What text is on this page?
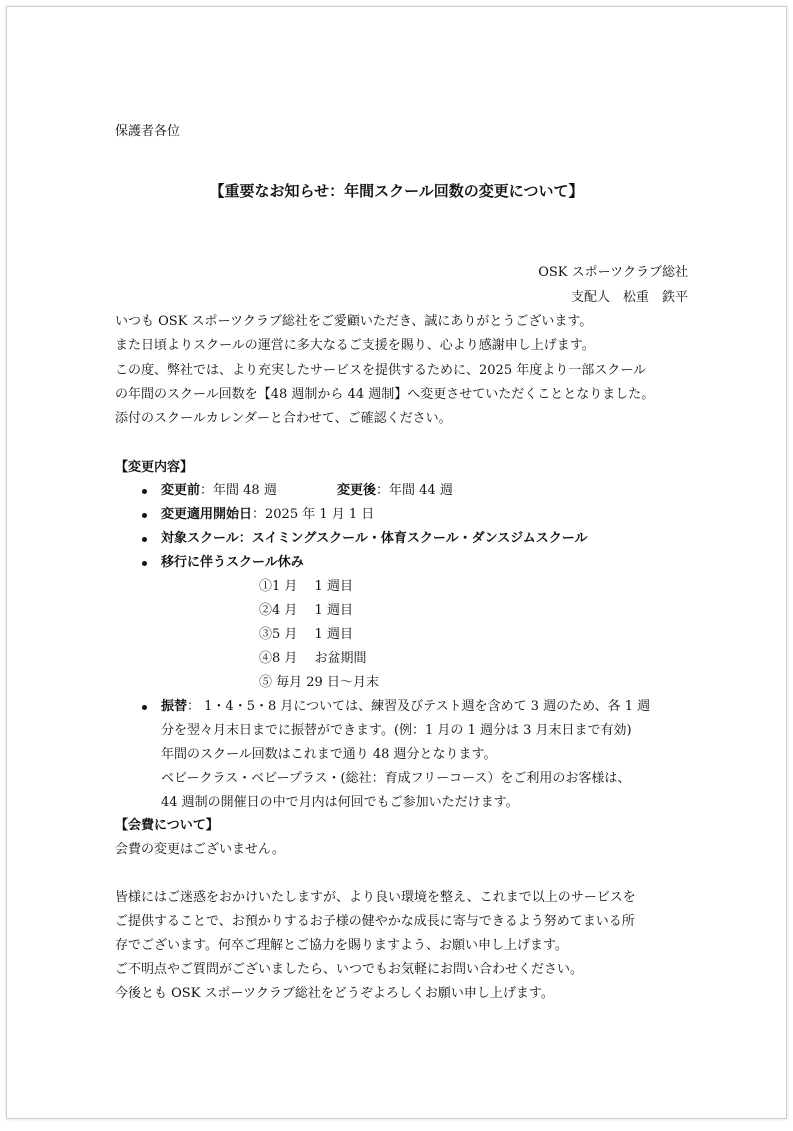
保護者各位
【重要なお知らせ：年間スクール回数の変更について】
OSK スポーツクラブ総社
支配人　松重　鉄平
いつも OSK スポーツクラブ総社をご愛顧いただき、誠にありがとうございます。
また日頃よりスクールの運営に多大なるご支援を賜り、心より感謝申し上げます。
この度、弊社では、より充実したサービスを提供するために、2025 年度より一部スクール
の年間のスクール回数を【48 週制から 44 週制】へ変更させていただくこととなりました。
添付のスクールカレンダーと合わせて、ご確認ください。
【変更内容】
変更前：年間 48 週	変更後：年間 44 週
変更適用開始日：2025 年 1 月 1 日
対象スクール：スイミングスクール・体育スクール・ダンスジムスクール
移行に伴うスクール休み
①1 月　 1 週目
②4 月　 1 週目
③5 月　 1 週目
④8 月　 お盆期間
⑤ 毎月 29 日～月末
振替： 1・4・5・8 月については、練習及びテスト週を含めて 3 週のため、各 1 週
分を翌々月末日までに振替ができます。(例：1 月の 1 週分は 3 月末日まで有効)
年間のスクール回数はこれまで通り 48 週分となります。
ベビークラス・ベビープラス・(総社：育成フリーコース）をご利用のお客様は、
44 週制の開催日の中で月内は何回でもご参加いただけます。
【会費について】
会費の変更はございません。
皆様にはご迷惑をおかけいたしますが、より良い環境を整え、これまで以上のサービスを
ご提供することで、お預かりするお子様の健やかな成長に寄与できるよう努めてまいる所
存でございます。何卒ご理解とご協力を賜りますよう、お願い申し上げます。
ご不明点やご質問がございましたら、いつでもお気軽にお問い合わせください。
今後とも OSK スポーツクラブ総社をどうぞよろしくお願い申し上げます。
